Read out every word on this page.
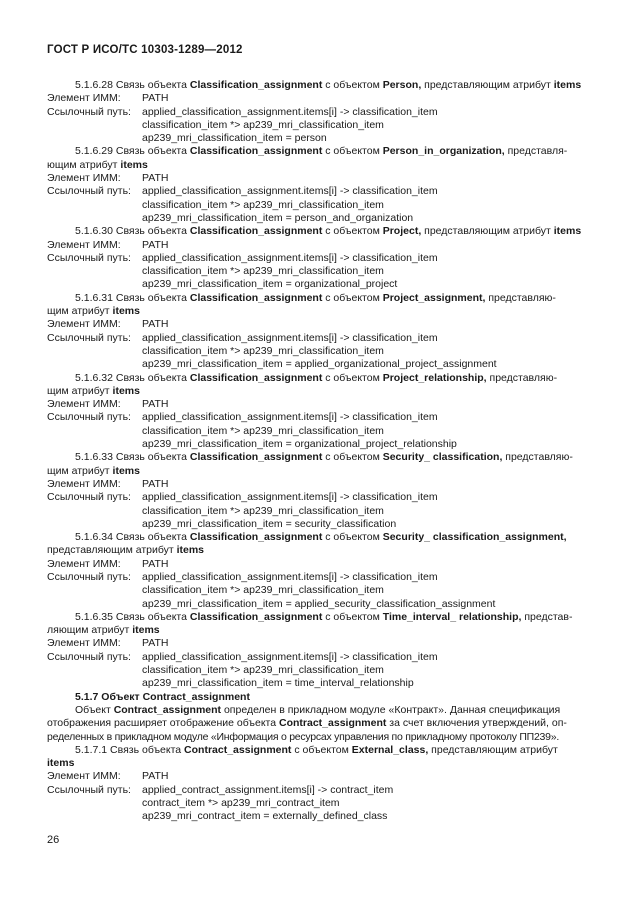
ГОСТ Р ИСО/ТС 10303-1289—2012
5.1.6.28 Связь объекта Classification_assignment с объектом Person, представляющим атрибут items
Элемент ИММ: PATH
Ссылочный путь: applied_classification_assignment.items[i] -> classification_item
classification_item *> ap239_mri_classification_item
ap239_mri_classification_item = person
5.1.6.29 Связь объекта Classification_assignment с объектом Person_in_organization, представля-
ющим атрибут items
Элемент ИММ: PATH
Ссылочный путь: applied_classification_assignment.items[i] -> classification_item
classification_item *> ap239_mri_classification_item
ap239_mri_classification_item = person_and_organization
5.1.6.30 Связь объекта Classification_assignment с объектом Project, представляющим атрибут items
Элемент ИММ: PATH
Ссылочный путь: applied_classification_assignment.items[i] -> classification_item
classification_item *> ap239_mri_classification_item
ap239_mri_classification_item = organizational_project
5.1.6.31 Связь объекта Classification_assignment с объектом Project_assignment, представляю-
щим атрибут items
Элемент ИММ: PATH
Ссылочный путь: applied_classification_assignment.items[i] -> classification_item
classification_item *> ap239_mri_classification_item
ap239_mri_classification_item = applied_organizational_project_assignment
5.1.6.32 Связь объекта Classification_assignment с объектом Project_relationship, представляю-
щим атрибут items
Элемент ИММ: PATH
Ссылочный путь: applied_classification_assignment.items[i] -> classification_item
classification_item *> ap239_mri_classification_item
ap239_mri_classification_item = organizational_project_relationship
5.1.6.33 Связь объекта Classification_assignment с объектом Security_ classification, представляю-
щим атрибут items
Элемент ИММ: PATH
Ссылочный путь: applied_classification_assignment.items[i] -> classification_item
classification_item *> ap239_mri_classification_item
ap239_mri_classification_item = security_classification
5.1.6.34 Связь объекта Classification_assignment с объектом Security_ classification_assignment,
представляющим атрибут items
Элемент ИММ: PATH
Ссылочный путь: applied_classification_assignment.items[i] -> classification_item
classification_item *> ap239_mri_classification_item
ap239_mri_classification_item = applied_security_classification_assignment
5.1.6.35 Связь объекта Classification_assignment с объектом Time_interval_ relationship, представ-
ляющим атрибут items
Элемент ИММ: PATH
Ссылочный путь: applied_classification_assignment.items[i] -> classification_item
classification_item *> ap239_mri_classification_item
ap239_mri_classification_item = time_interval_relationship
5.1.7 Объект Contract_assignment
Объект Contract_assignment определен в прикладном модуле «Контракт». Данная спецификация
отображения расширяет отображение объекта Contract_assignment за счет включения утверждений, оп-
ределенных в прикладном модуле «Информация о ресурсах управления по прикладному протоколу ПП239».
5.1.7.1 Связь объекта Contract_assignment с объектом External_class, представляющим атрибут
items
Элемент ИММ: PATH
Ссылочный путь: applied_contract_assignment.items[i] -> contract_item
contract_item *> ap239_mri_contract_item
ap239_mri_contract_item = externally_defined_class
26
